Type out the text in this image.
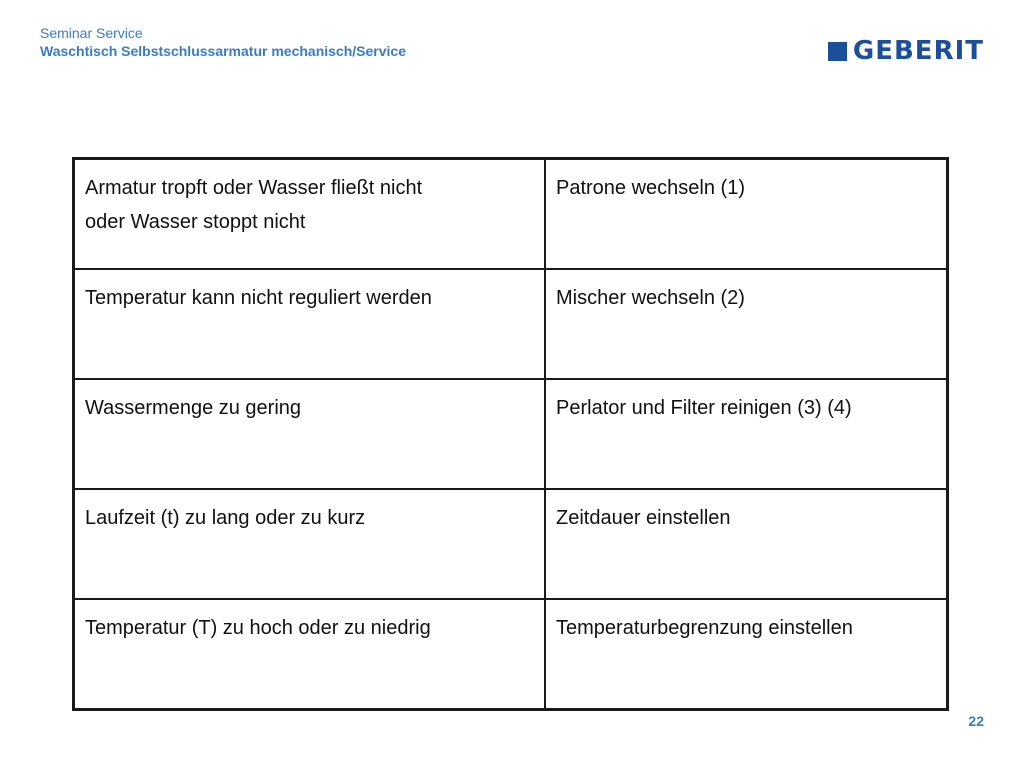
Seminar Service
Waschtisch Selbstschlussarmatur mechanisch/Service	GEBERIT
Armatur tropft oder Wasser fließt nicht
oder Wasser stoppt nicht	Patrone wechseln (1)
Temperatur kann nicht reguliert werden	Mischer wechseln (2)
Wassermenge zu gering	Perlator und Filter reinigen (3) (4)
Laufzeit (t) zu lang oder zu kurz	Zeitdauer einstellen
Temperatur (T) zu hoch oder zu niedrig	Temperaturbegrenzung einstellen
22
